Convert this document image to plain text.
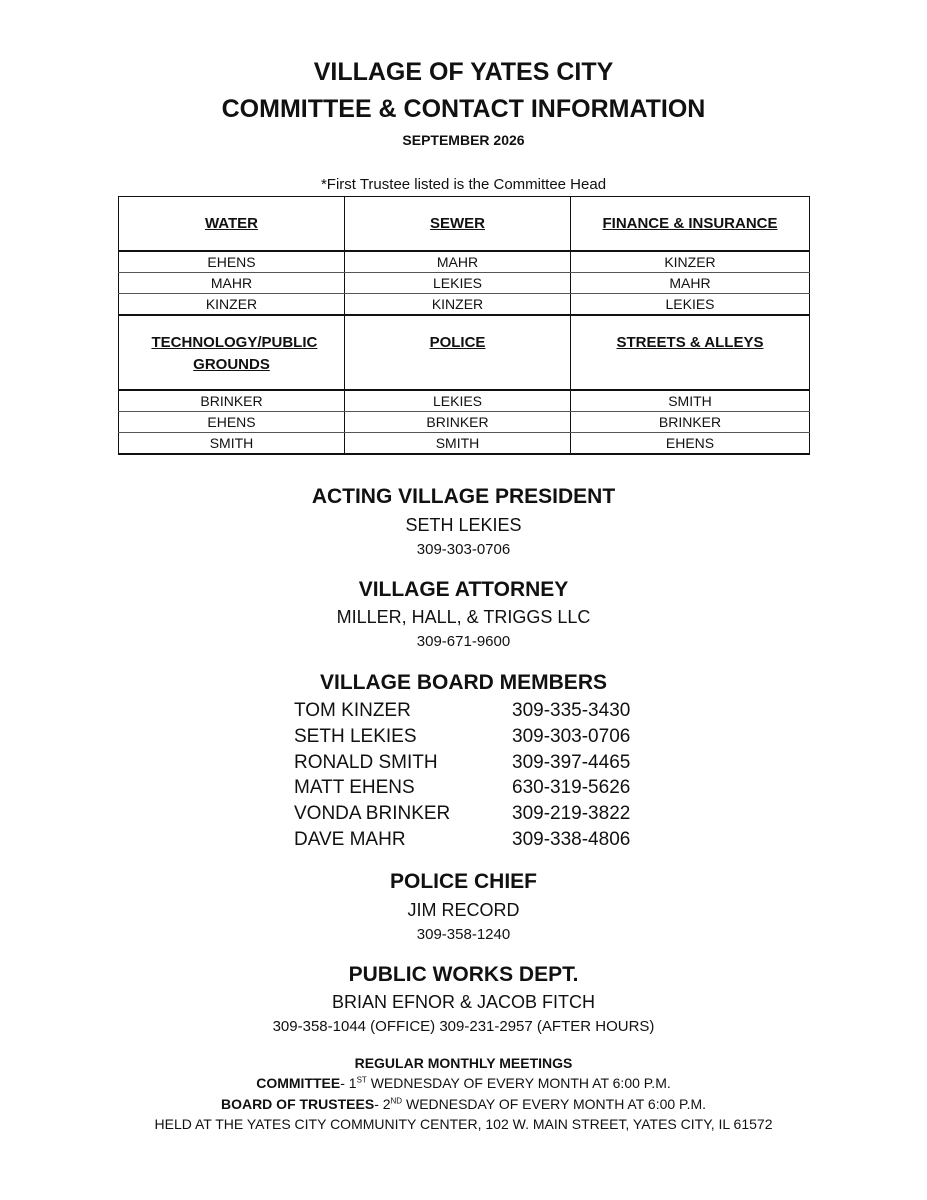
VILLAGE OF YATES CITY
COMMITTEE & CONTACT INFORMATION
SEPTEMBER 2026
*First Trustee listed is the Committee Head
WATER	SEWER	FINANCE & INSURANCE
EHENS	MAHR	KINZER
MAHR	LEKIES	MAHR
KINZER	KINZER	LEKIES

TECHNOLOGY/PUBLIC GROUNDS	POLICE	STREETS & ALLEYS
BRINKER	LEKIES	SMITH
EHENS	BRINKER	BRINKER
SMITH	SMITH	EHENS
ACTING VILLAGE PRESIDENT
SETH LEKIES
309-303-0706
VILLAGE ATTORNEY
MILLER, HALL, & TRIGGS LLC
309-671-9600
VILLAGE BOARD MEMBERS
TOM KINZER	309-335-3430
SETH LEKIES	309-303-0706
RONALD SMITH	309-397-4465
MATT EHENS	630-319-5626
VONDA BRINKER	309-219-3822
DAVE MAHR	309-338-4806
POLICE CHIEF
JIM RECORD
309-358-1240
PUBLIC WORKS DEPT.
BRIAN EFNOR & JACOB FITCH
309-358-1044 (OFFICE) 309-231-2957 (AFTER HOURS)
REGULAR MONTHLY MEETINGS
COMMITTEE- 1ST WEDNESDAY OF EVERY MONTH AT 6:00 P.M.
BOARD OF TRUSTEES- 2ND WEDNESDAY OF EVERY MONTH AT 6:00 P.M.
HELD AT THE YATES CITY COMMUNITY CENTER, 102 W. MAIN STREET, YATES CITY, IL 61572
